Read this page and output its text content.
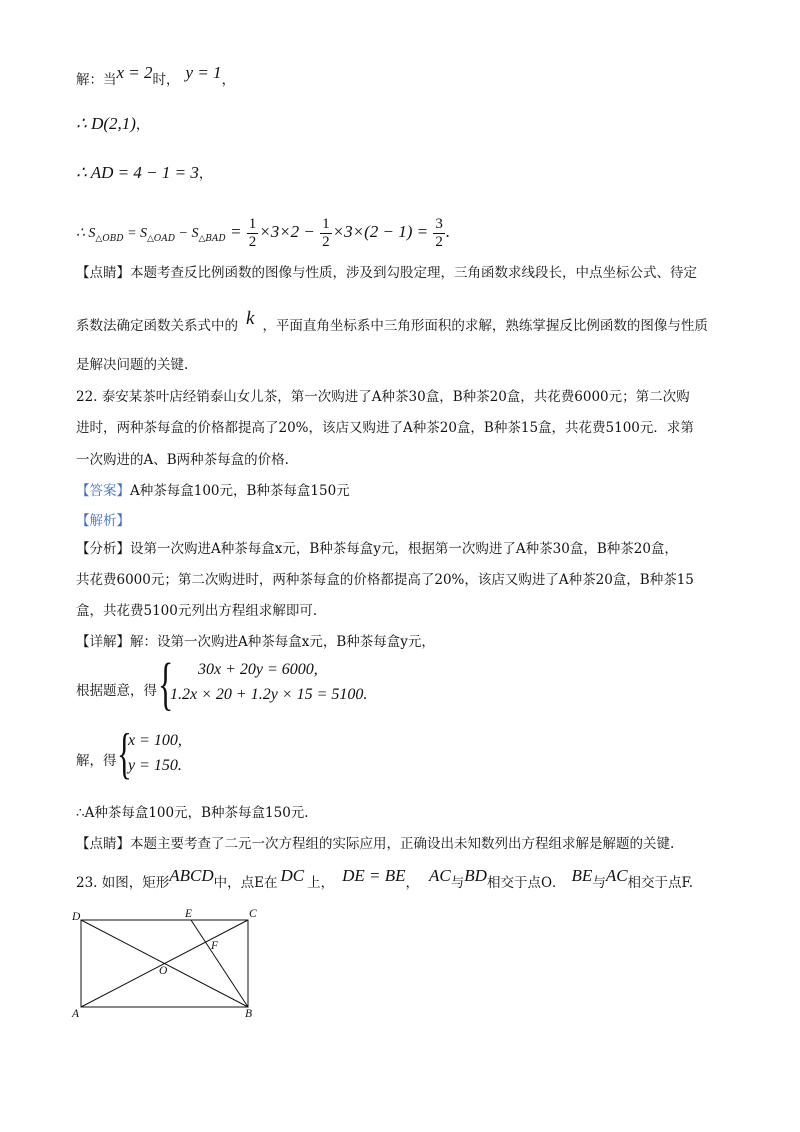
解：当x = 2时， y = 1，
∴ D(2,1)，
∴ AD = 4 − 1 = 3，
∴ $S_{\triangle OBD} = S_{\triangle OAD} - S_{\triangle BAD} = \frac{1}{2} \times 3\times 2 - \frac{1}{2} \times 3\times(2 - 1) = \frac{3}{2}$ .
【点睛】本题考查反比例函数的图像与性质，涉及到勾股定理，三角函数求线段长，中点坐标公式、待定
系数法确定函数关系式中的 k ，平面直角坐标系中三角形面积的求解，熟练掌握反比例函数的图像与性质
是解决问题的关键.
22. 泰安某茶叶店经销泰山女儿茶，第一次购进了A种茶30盒，B种茶20盒，共花费6000元；第二次购
进时，两种茶每盒的价格都提高了20%，该店又购进了A种茶20盒，B种茶15盒，共花费5100元．求第
一次购进的A、B两种茶每盒的价格.
【答案】A种茶每盒100元，B种茶每盒150元
【解析】
【分析】设第一次购进A种茶每盒x元，B种茶每盒y元，根据第一次购进了A种茶30盒，B种茶20盒，
共花费6000元；第二次购进时，两种茶每盒的价格都提高了20%，该店又购进了A种茶20盒，B种茶15
盒，共花费5100元列出方程组求解即可.
【详解】解：设第一次购进A种茶每盒x元，B种茶每盒y元，
根据题意，得 { 30x + 20y = 6000,
1.2x × 20 + 1.2y × 15 = 5100.
解，得 {
x = 100,
y = 150.
∴A种茶每盒100元，B种茶每盒150元.
【点睛】本题主要考查了二元一次方程组的实际应用，正确设出未知数列出方程组求解是解题的关键.
23. 如图，矩形ABCD中，点E在 DC 上， DE = BE， AC与BD相交于点O． BE与AC相交于点F.
D	E	C
F
O
A	B
